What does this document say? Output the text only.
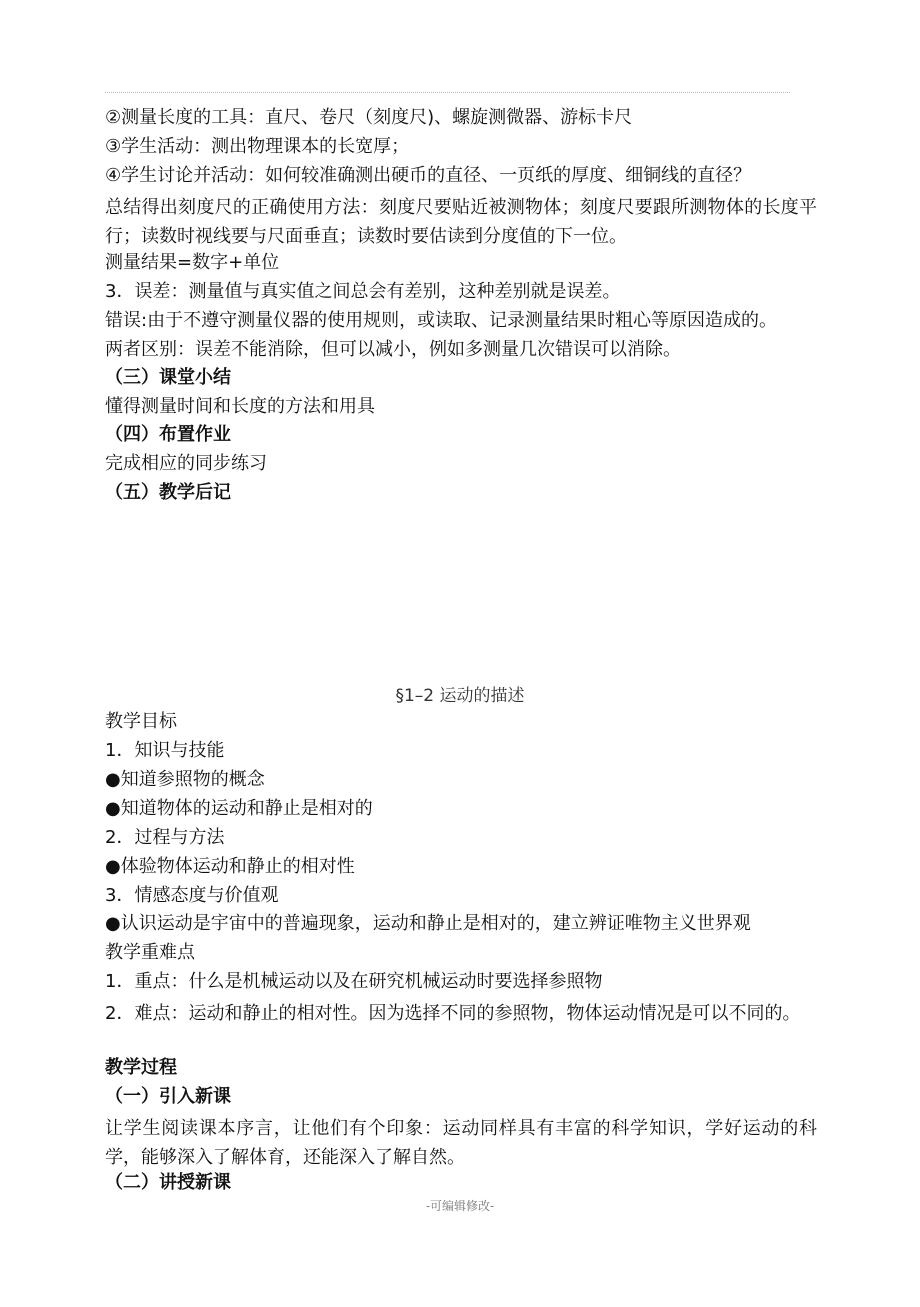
②测量长度的工具：直尺、卷尺（刻度尺)、螺旋测微器、游标卡尺
③学生活动：测出物理课本的长宽厚；
④学生讨论并活动：如何较准确测出硬币的直径、一页纸的厚度、细铜线的直径？
总结得出刻度尺的正确使用方法：刻度尺要贴近被测物体；刻度尺要跟所测物体的长度平行；读数时视线要与尺面垂直；读数时要估读到分度值的下一位。
测量结果=数字+单位
3．误差：测量值与真实值之间总会有差别，这种差别就是误差。
错误:由于不遵守测量仪器的使用规则，或读取、记录测量结果时粗心等原因造成的。
两者区别：误差不能消除，但可以减小，例如多测量几次错误可以消除。
（三）课堂小结
懂得测量时间和长度的方法和用具
（四）布置作业
完成相应的同步练习
（五）教学后记
§1–2 运动的描述
教学目标
1．知识与技能
●知道参照物的概念
●知道物体的运动和静止是相对的
2．过程与方法
●体验物体运动和静止的相对性
3．情感态度与价值观
●认识运动是宇宙中的普遍现象，运动和静止是相对的，建立辨证唯物主义世界观
教学重难点
1．重点：什么是机械运动以及在研究机械运动时要选择参照物
2．难点：运动和静止的相对性。因为选择不同的参照物，物体运动情况是可以不同的。
教学过程
（一）引入新课
让学生阅读课本序言，让他们有个印象：运动同样具有丰富的科学知识，学好运动的科学，能够深入了解体育，还能深入了解自然。
（二）讲授新课
-可编辑修改-
